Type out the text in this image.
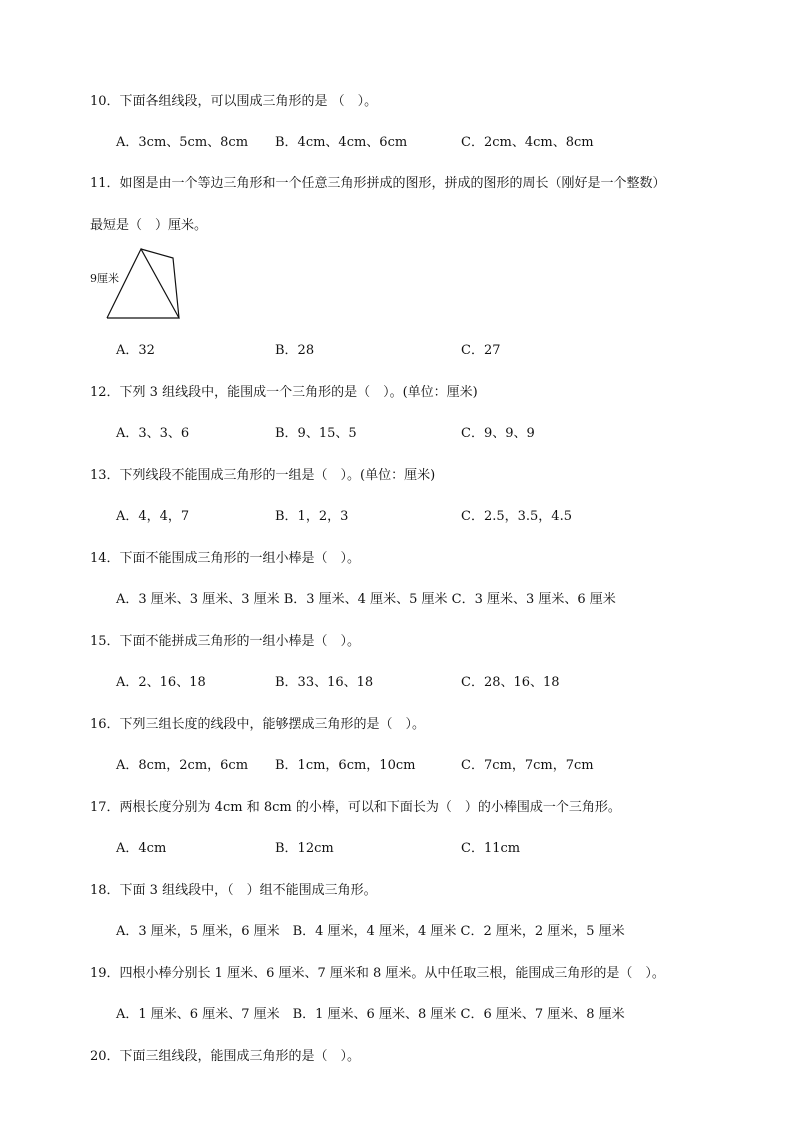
10．下面各组线段，可以围成三角形的是 （　）。
A．3cm、5cm、8cm B．4cm、4cm、6cm	C．2cm、4cm、8cm
11．如图是由一个等边三角形和一个任意三角形拼成的图形，拼成的图形的周长（刚好是一个整数）
最短是（　）厘米。
9厘米
A．32	B．28	C．27
12．下列 3 组线段中，能围成一个三角形的是（　）。(单位：厘米)
A．3、3、6	B．9、15、5	C．9、9、9
13．下列线段不能围成三角形的一组是（　）。(单位：厘米)
A．4，4，7	B．1，2，3	C．2.5，3.5，4.5
14．下面不能围成三角形的一组小棒是（　）。
A．3 厘米、3 厘米、3 厘米 B．3 厘米、4 厘米、5 厘米 C．3 厘米、3 厘米、6 厘米
15．下面不能拼成三角形的一组小棒是（　）。
A．2、16、18	B．33、16、18	C．28、16、18
16．下列三组长度的线段中，能够摆成三角形的是（　）。
A．8cm，2cm，6cm B．1cm，6cm，10cm	C．7cm，7cm，7cm
17．两根长度分别为 4cm 和 8cm 的小棒，可以和下面长为（　）的小棒围成一个三角形。
A．4cm	B．12cm	C．11cm
18．下面 3 组线段中，（　）组不能围成三角形。
A．3 厘米，5 厘米，6 厘米　B．4 厘米，4 厘米，4 厘米 C．2 厘米，2 厘米，5 厘米
19．四根小棒分别长 1 厘米、6 厘米、7 厘米和 8 厘米。从中任取三根，能围成三角形的是（　）。
A．1 厘米、6 厘米、7 厘米　B．1 厘米、6 厘米、8 厘米 C．6 厘米、7 厘米、8 厘米
20．下面三组线段，能围成三角形的是（　）。
